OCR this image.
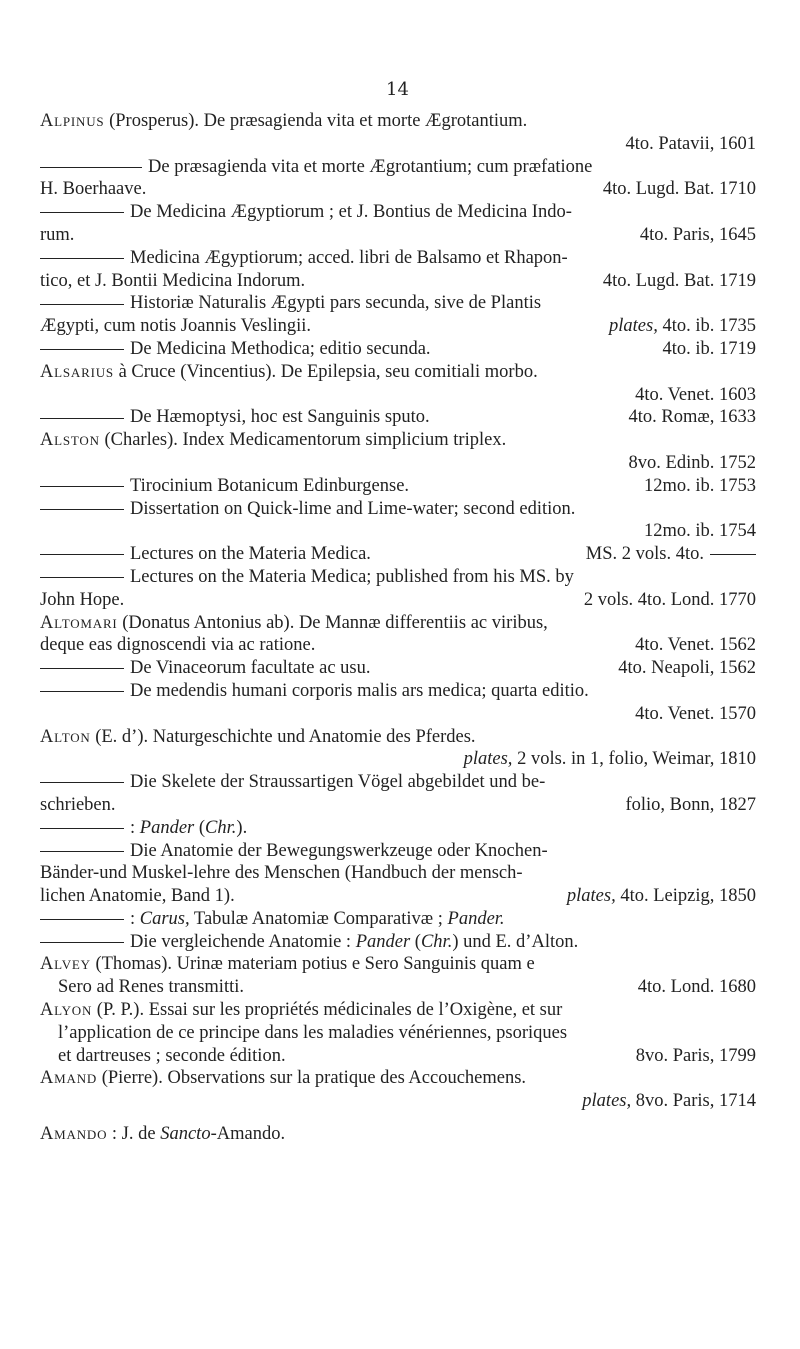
14
Alpinus (Prosperus). De præsagienda vita et morte Ægrotantium.
4to. Patavii, 1601
De præsagienda vita et morte Ægrotantium; cum præfatione
H. Boerhaave.	4to. Lugd. Bat. 1710
De Medicina Ægyptiorum ; et J. Bontius de Medicina Indo-
rum.	4to. Paris, 1645
Medicina Ægyptiorum; acced. libri de Balsamo et Rhapon-
tico, et J. Bontii Medicina Indorum.	4to. Lugd. Bat. 1719
Historiæ Naturalis Ægypti pars secunda, sive de Plantis
Ægypti, cum notis Joannis Veslingii.	plates, 4to. ib. 1735
De Medicina Methodica; editio secunda.	4to. ib. 1719
Alsarius à Cruce (Vincentius). De Epilepsia, seu comitiali morbo.
4to. Venet. 1603
De Hæmoptysi, hoc est Sanguinis sputo.	4to. Romæ, 1633
Alston (Charles). Index Medicamentorum simplicium triplex.
8vo. Edinb. 1752
Tirocinium Botanicum Edinburgense.	12mo. ib. 1753
Dissertation on Quick-lime and Lime-water; second edition.
12mo. ib. 1754
Lectures on the Materia Medica.	MS. 2 vols. 4to.
Lectures on the Materia Medica; published from his MS. by
John Hope.	2 vols. 4to. Lond. 1770
Altomari (Donatus Antonius ab). De Mannæ differentiis ac viribus,
deque eas dignoscendi via ac ratione.	4to. Venet. 1562
De Vinaceorum facultate ac usu.	4to. Neapoli, 1562
De medendis humani corporis malis ars medica; quarta editio.
4to. Venet. 1570
Alton (E. d’). Naturgeschichte und Anatomie des Pferdes.
plates, 2 vols. in 1, folio, Weimar, 1810
Die Skelete der Straussartigen Vögel abgebildet und be-
schrieben.	folio, Bonn, 1827
: Pander (Chr.).
Die Anatomie der Bewegungswerkzeuge oder Knochen-
Bänder-und Muskel-lehre des Menschen (Handbuch der mensch-
lichen Anatomie, Band 1).	plates, 4to. Leipzig, 1850
: Carus, Tabulæ Anatomiæ Comparativæ ; Pander.
Die vergleichende Anatomie : Pander (Chr.) und E. d’Alton.
Alvey (Thomas). Urinæ materiam potius e Sero Sanguinis quam e
Sero ad Renes transmitti.	4to. Lond. 1680
Alyon (P. P.). Essai sur les propriétés médicinales de l’Oxigène, et sur
l’application de ce principe dans les maladies vénériennes, psoriques
et dartreuses ; seconde édition.	8vo. Paris, 1799
Amand (Pierre). Observations sur la pratique des Accouchemens.
plates, 8vo. Paris, 1714
Amando : J. de Sancto-Amando.
